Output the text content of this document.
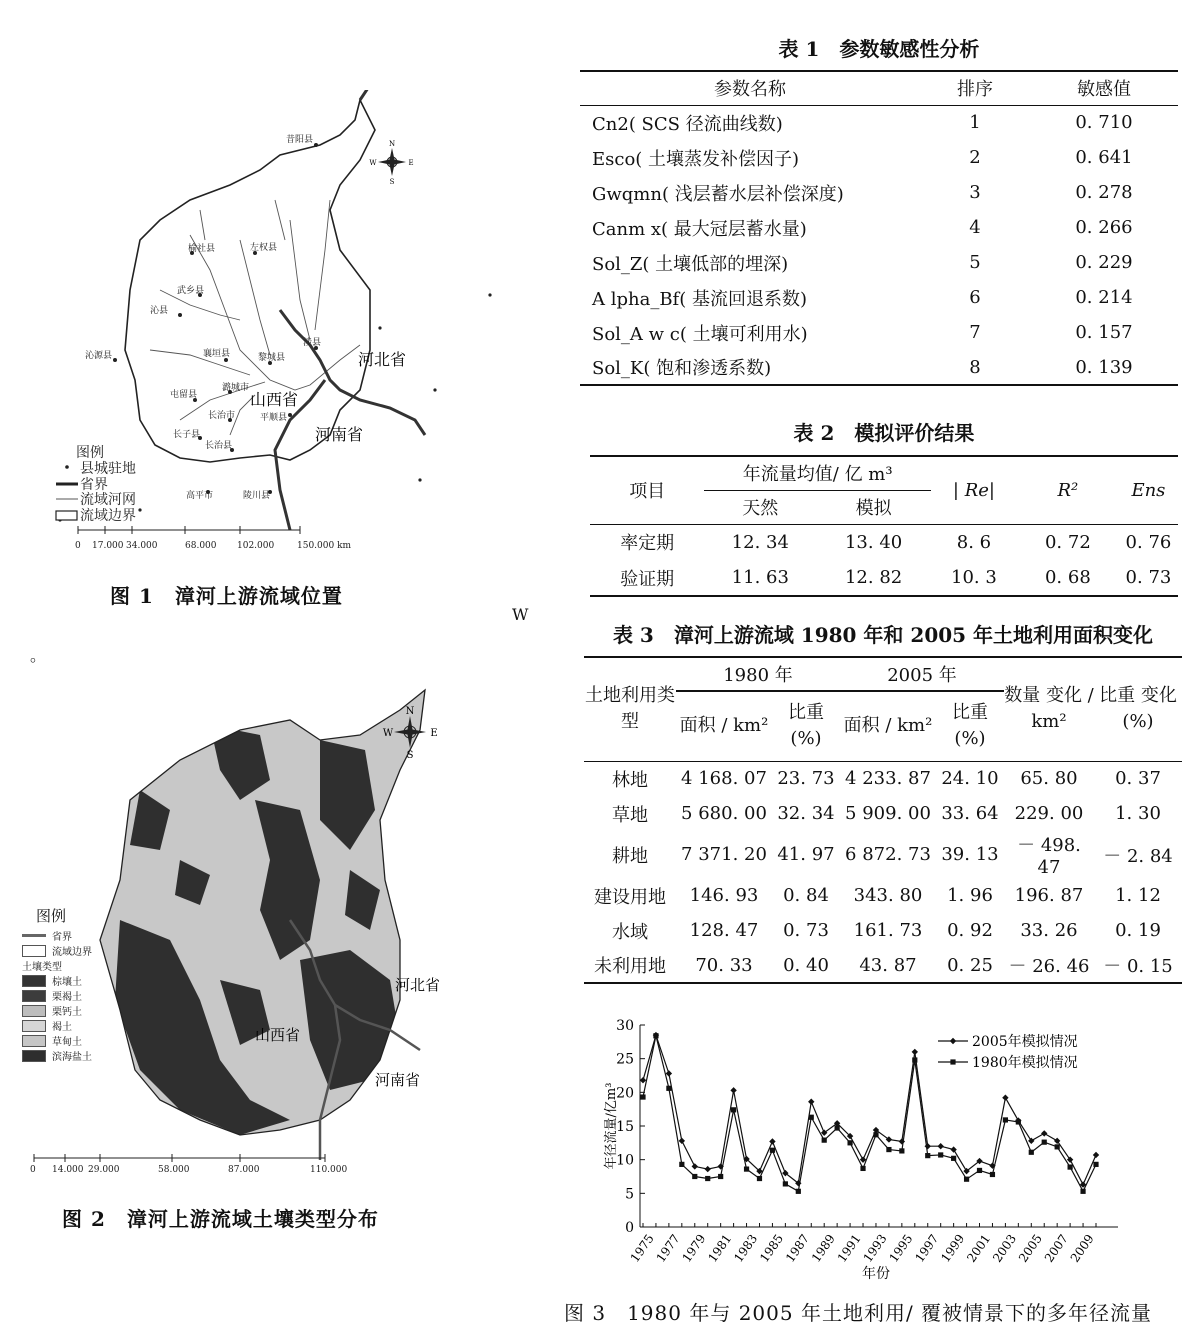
N
S
E
W
昔阳县
榆社县	左权县
武乡县
沁县
沁源县	襄垣县	黎城县
涉县
屯留县
潞城市
长治市	平顺县
长子县
长治县
高平市	陵川县
河北省
山西省
河南省
图例
县城驻地
省界
流域河网
流域边界
0 17.000 34.000	68.000 102.000	150.000 km
图 1　漳河上游流域位置
W
。
N
S
E
W
河北省
山西省
河南省
0 14.000 29.000	58.000	87.000	110.000
图例
省界
流域边界
土壤类型
棕壤土
栗褐土
栗钙土
褐土
草甸土
滨海盐土
图 2　漳河上游流域土壤类型分布
表 1　参数敏感性分析
参数名称	排序	敏感值
Cn2( SCS 径流曲线数)	1	0. 710
Esco( 土壤蒸发补偿因子)	2	0. 641
Gwqmn( 浅层蓄水层补偿深度)	3	0. 278
Canm x( 最大冠层蓄水量)	4	0. 266
Sol_Z( 土壤低部的埋深)	5	0. 229
A lpha_Bf( 基流回退系数)	6	0. 214
Sol_A w c( 土壤可利用水)	7	0. 157
Sol_K( 饱和渗透系数)	8	0. 139
表 2　模拟评价结果
项目	年流量均值/ 亿 m³		| Re|	R²	Ens
	天然	模拟			
率定期	12. 34	13. 40	8. 6	0. 72	0. 76
验证期	11. 63	12. 82	10. 3	0. 68	0. 73
表 3　漳河上游流域 1980 年和 2005 年土地利用面积变化
土地利用类型	1980 年		2005 年		数量 变化 / km²	比重 变化 (%)
	面积 / km²	比重 (%)	面积 / km²	比重 (%)		
林地	4 168. 07	23. 73	4 233. 87	24. 10	65. 80	0. 37
草地	5 680. 00	32. 34	5 909. 00	33. 64	229. 00	1. 30
耕地	7 371. 20	41. 97	6 872. 73	39. 13	－ 498. 47	－ 2. 84
建设用地	146. 93	0. 84	343. 80	1. 96	196. 87	1. 12
水域	128. 47	0. 73	161. 73	0. 92	33. 26	0. 19
未利用地	70. 33	0. 40	43. 87	0. 25	－ 26. 46	－ 0. 15
0
5
10
15
20
25
30
1975
1977
1979
1981
1983
1985
1987
1989
1991
1993
1995
1997
1999
2001
2003
2005
2007
2009
年径流量/亿m³
年份
2005年模拟情况
1980年模拟情况
图 3　1980 年与 2005 年土地利用/ 覆被情景下的多年径流量
